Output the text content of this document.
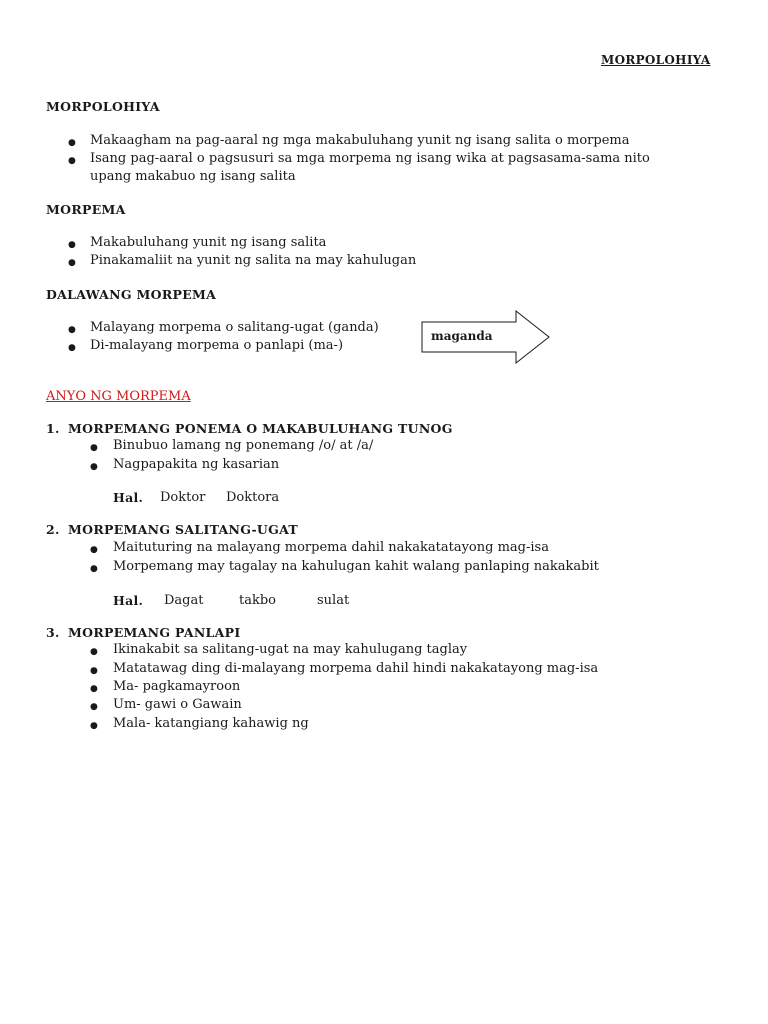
MORPOLOHIYA
MORPOLOHIYA
● Makaagham na pag-aaral ng mga makabuluhang yunit ng isang salita o morpema
● Isang pag-aaral o pagsusuri sa mga morpema ng isang wika at pagsasama-sama nito
upang makabuo ng isang salita
MORPEMA
● Makabuluhang yunit ng isang salita
● Pinakamaliit na yunit ng salita na may kahulugan
DALAWANG MORPEMA
● Malayang morpema o salitang-ugat (ganda)
● Di-malayang morpema o panlapi (ma-)
maganda
ANYO NG MORPEMA
1. MORPEMANG PONEMA O MAKABULUHANG TUNOG
● Binubuo lamang ng ponemang /o/ at /a/
● Nagpapakita ng kasarian
Hal. Doktor Doktora
2. MORPEMANG SALITANG-UGAT
● Maituturing na malayang morpema dahil nakakatatayong mag-isa
● Morpemang may tagalay na kahulugan kahit walang panlaping nakakabit
Hal. Dagat	takbo	sulat
3. MORPEMANG PANLAPI
● Ikinakabit sa salitang-ugat na may kahulugang taglay
● Matatawag ding di-malayang morpema dahil hindi nakakatayong mag-isa
● Ma- pagkamayroon
● Um- gawi o Gawain
● Mala- katangiang kahawig ng
